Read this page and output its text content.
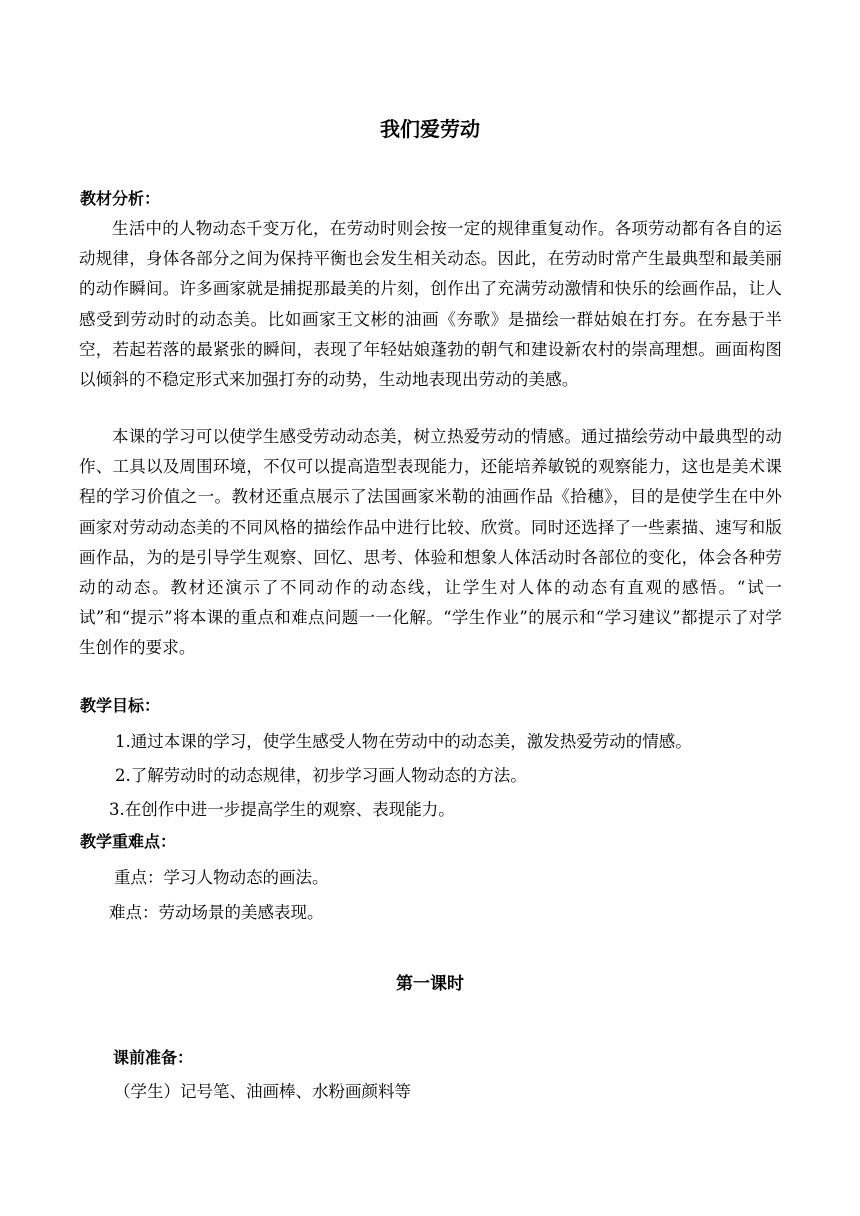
我们爱劳动
教材分析：
生活中的人物动态千变万化，在劳动时则会按一定的规律重复动作。各项劳动都有各自的运动规律，身体各部分之间为保持平衡也会发生相关动态。因此，在劳动时常产生最典型和最美丽的动作瞬间。许多画家就是捕捉那最美的片刻，创作出了充满劳动激情和快乐的绘画作品，让人感受到劳动时的动态美。比如画家王文彬的油画《夯歌》是描绘一群姑娘在打夯。在夯悬于半空，若起若落的最紧张的瞬间，表现了年轻姑娘蓬勃的朝气和建设新农村的崇高理想。画面构图以倾斜的不稳定形式来加强打夯的动势，生动地表现出劳动的美感。
本课的学习可以使学生感受劳动动态美，树立热爱劳动的情感。通过描绘劳动中最典型的动作、工具以及周围环境，不仅可以提高造型表现能力，还能培养敏锐的观察能力，这也是美术课程的学习价值之一。教材还重点展示了法国画家米勒的油画作品《拾穗》，目的是使学生在中外画家对劳动动态美的不同风格的描绘作品中进行比较、欣赏。同时还选择了一些素描、速写和版画作品，为的是引导学生观察、回忆、思考、体验和想象人体活动时各部位的变化，体会各种劳动的动态。教材还演示了不同动作的动态线，让学生对人体的动态有直观的感悟。“试一试”和“提示”将本课的重点和难点问题一一化解。“学生作业”的展示和“学习建议”都提示了对学生创作的要求。
教学目标：
1.通过本课的学习，使学生感受人物在劳动中的动态美，激发热爱劳动的情感。
2.了解劳动时的动态规律，初步学习画人物动态的方法。
3.在创作中进一步提高学生的观察、表现能力。
教学重难点：
重点：学习人物动态的画法。
难点：劳动场景的美感表现。
第一课时
课前准备：
（学生）记号笔、油画棒、水粉画颜料等
